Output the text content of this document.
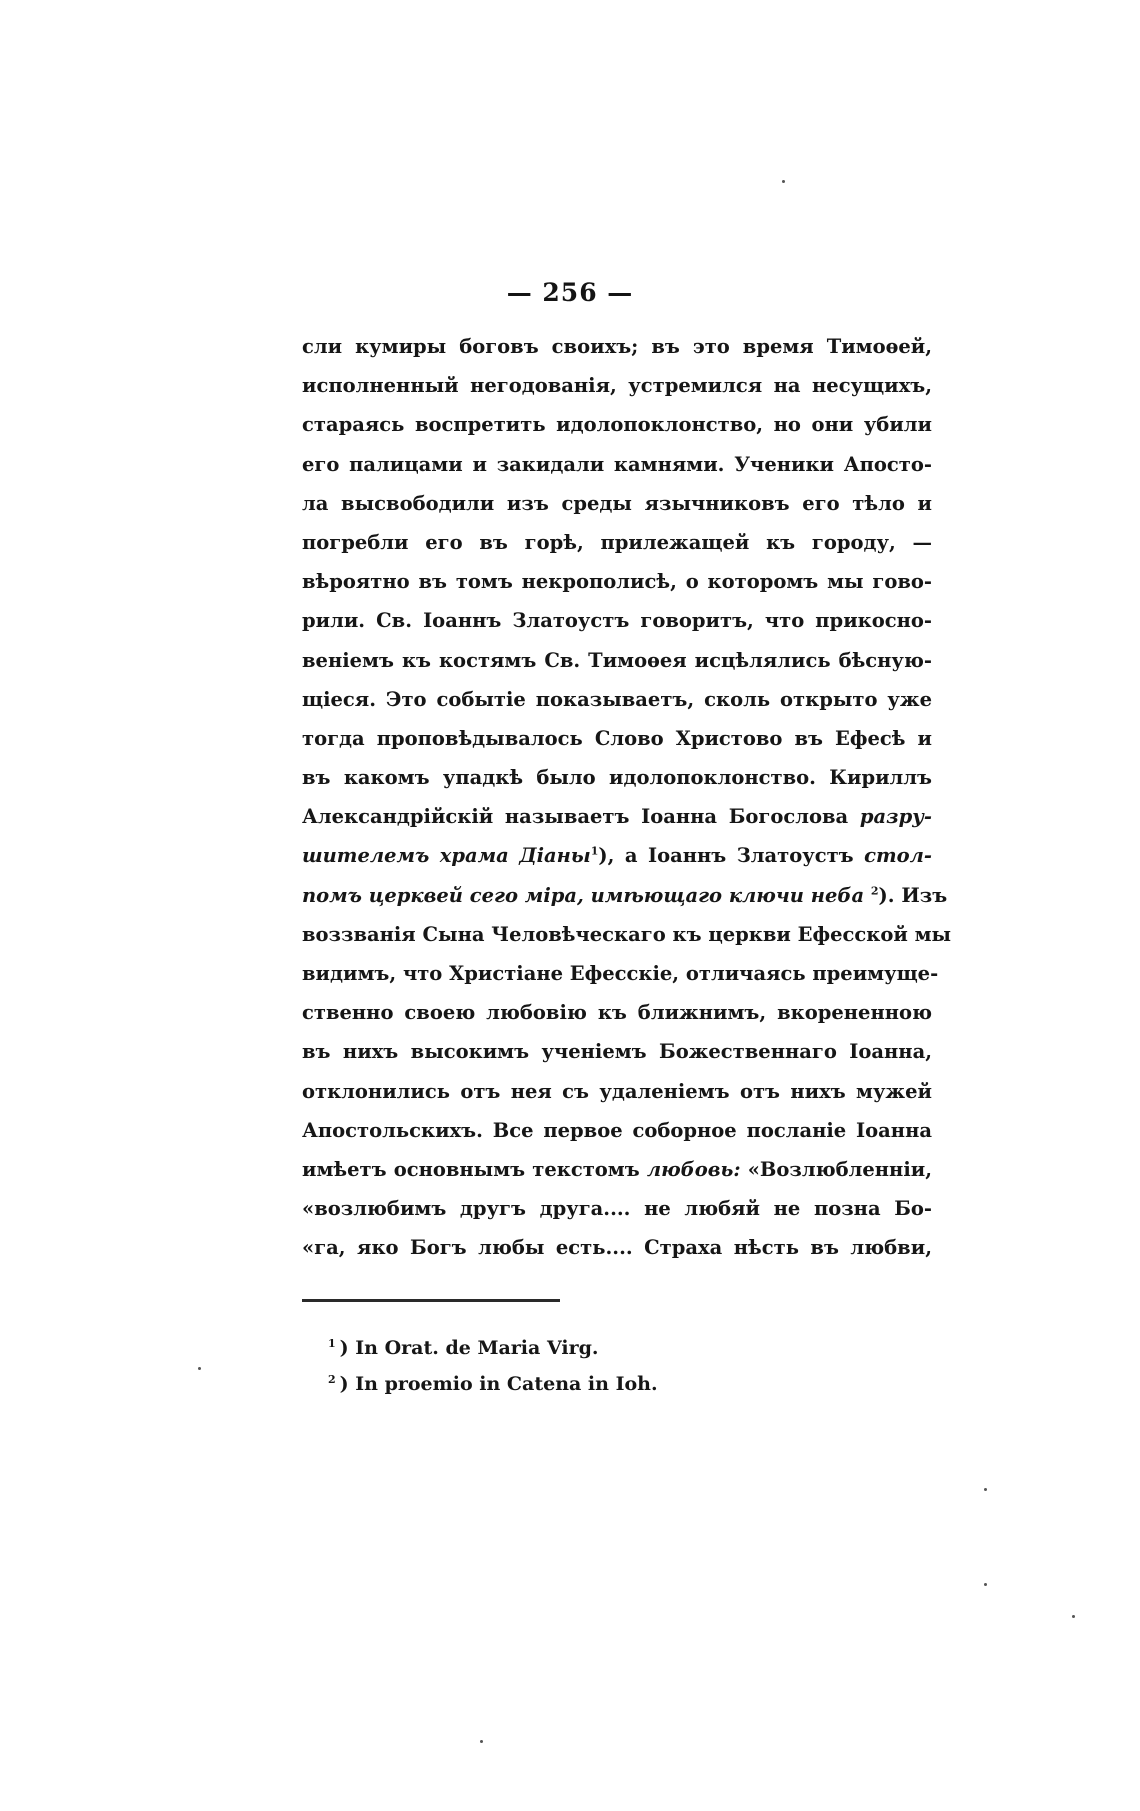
— 256 —
сли кумиры боговъ своихъ; въ это время Тимоѳей,
исполненный негодованія, устремился на несущихъ,
стараясь воспретить идолопоклонство, но они убили
его палицами и закидали камнями. Ученики Апосто-
ла высвободили изъ среды язычниковъ его тѣло и
погребли его въ горѣ, прилежащей къ городу, —
вѣроятно въ томъ некрополисѣ, о которомъ мы гово-
рили. Св. Іоаннъ Златоустъ говоритъ, что прикосно-
веніемъ къ костямъ Св. Тимоѳея исцѣлялись бѣсную-
щіеся. Это событіе показываетъ, сколь открыто уже
тогда проповѣдывалось Слово Христово въ Ефесѣ и
въ какомъ упадкѣ было идолопоклонство. Кириллъ
Александрійскій называетъ Іоанна Богослова разру-
шителемъ храма Діаны$^1$), а Іоаннъ Златоустъ стол-
помъ церквей сего міра, имѣющаго ключи неба $^2$). Изъ
воззванія Сына Человѣческаго къ церкви Ефесской мы
видимъ, что Христіане Ефесскіе, отличаясь преимуще-
ственно своею любовію къ ближнимъ, вкорененною
въ нихъ высокимъ ученіемъ Божественнаго Іоанна,
отклонились отъ нея съ удаленіемъ отъ нихъ мужей
Апостольскихъ. Все первое соборное посланіе Іоанна
имѣетъ основнымъ текстомъ любовь: «Возлюбленніи,
«возлюбимъ другъ друга.... не любяй не позна Бо-
«га, яко Богъ любы есть.... Страха нѣсть въ любви,
$^1$ ) In Orat. de Maria Virg.
$^2$ ) In proemio in Catena in Ioh.
